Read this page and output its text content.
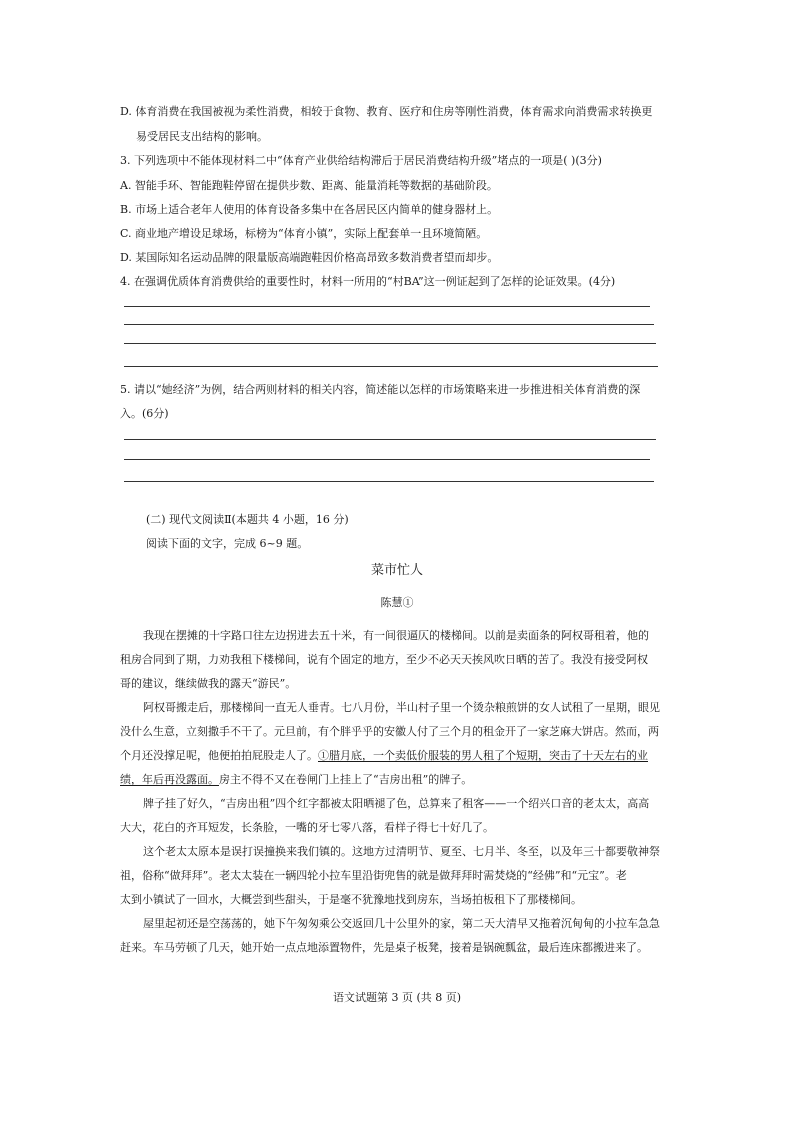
D. 体育消费在我国被视为柔性消费，相较于食物、教育、医疗和住房等刚性消费，体育需求向消费需求转换更
易受居民支出结构的影响。
3. 下列选项中不能体现材料二中“体育产业供给结构滞后于居民消费结构升级”堵点的一项是( )(3分)
A. 智能手环、智能跑鞋停留在提供步数、距离、能量消耗等数据的基础阶段。
B. 市场上适合老年人使用的体育设备多集中在各居民区内简单的健身器材上。
C. 商业地产增设足球场，标榜为“体育小镇”，实际上配套单一且环境简陋。
D. 某国际知名运动品牌的限量版高端跑鞋因价格高昂致多数消费者望而却步。
4. 在强调优质体育消费供给的重要性时，材料一所用的“村BA”这一例证起到了怎样的论证效果。(4分)
5. 请以“她经济”为例，结合两则材料的相关内容，简述能以怎样的市场策略来进一步推进相关体育消费的深
入。(6分)
(二) 现代文阅读Ⅱ(本题共 4 小题，16 分)
阅读下面的文字，完成 6~9 题。
菜市忙人
陈慧①
我现在摆摊的十字路口往左边拐进去五十米，有一间很逼仄的楼梯间。以前是卖面条的阿权哥租着，他的
租房合同到了期，力劝我租下楼梯间，说有个固定的地方，至少不必天天挨风吹日晒的苦了。我没有接受阿权
哥的建议，继续做我的露天“游民”。
阿权哥搬走后，那楼梯间一直无人垂青。七八月份，半山村子里一个烫杂粮煎饼的女人试租了一星期，眼见
没什么生意，立刻撒手不干了。元旦前，有个胖乎乎的安徽人付了三个月的租金开了一家芝麻大饼店。然而，两
个月还没撑足呢，他便拍拍屁股走人了。①腊月底，一个卖低价服装的男人租了个短期，突击了十天左右的业
绩，年后再没露面。房主不得不又在卷闸门上挂上了“吉房出租”的牌子。
牌子挂了好久，“吉房出租”四个红字都被太阳晒褪了色，总算来了租客——一个绍兴口音的老太太，高高
大大，花白的齐耳短发，长条脸，一嘴的牙七零八落，看样子得七十好几了。
这个老太太原本是误打误撞换来我们镇的。这地方过清明节、夏至、七月半、冬至，以及年三十都要敬神祭
祖，俗称“做拜拜”。老太太装在一辆四轮小拉车里沿街兜售的就是做拜拜时需焚烧的“经佛”和“元宝”。老
太到小镇试了一回水，大概尝到些甜头，于是毫不犹豫地找到房东，当场拍板租下了那楼梯间。
屋里起初还是空荡荡的，她下午匆匆乘公交返回几十公里外的家，第二天大清早又拖着沉甸甸的小拉车急急
赶来。车马劳顿了几天，她开始一点点地添置物件，先是桌子板凳，接着是锅碗瓢盆，最后连床都搬进来了。
语文试题第 3 页 (共 8 页)
